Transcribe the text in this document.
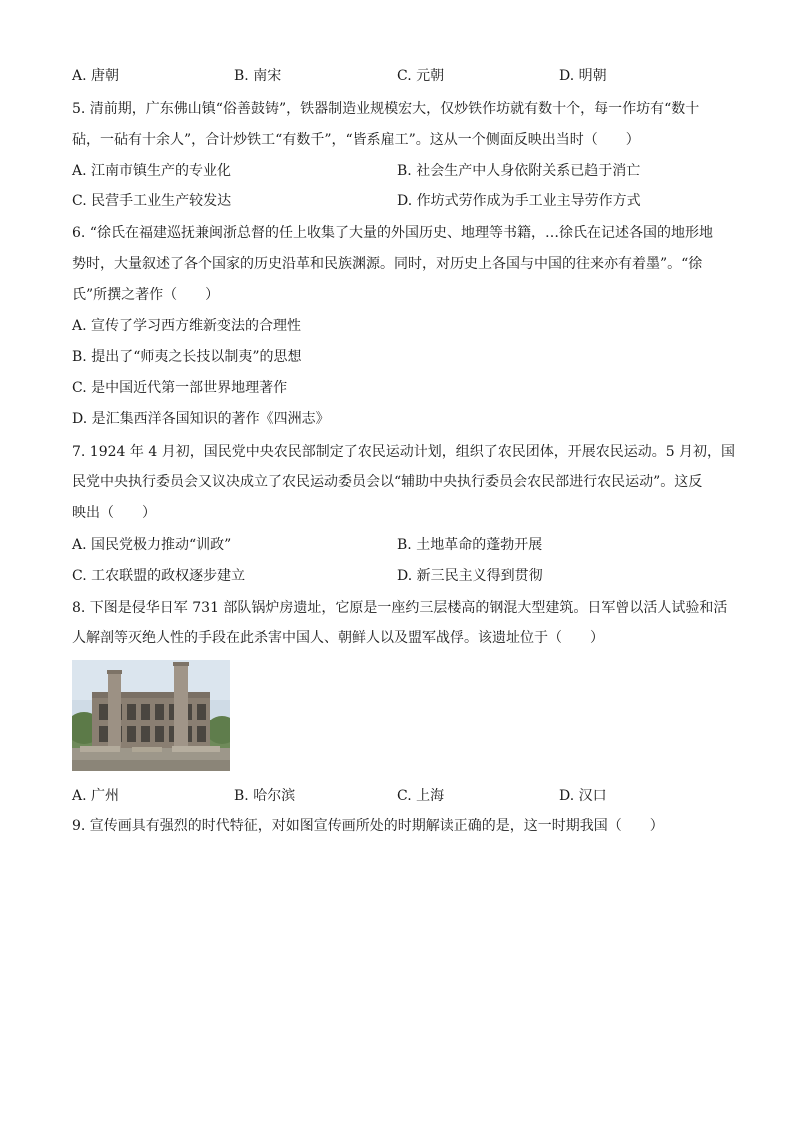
A. 唐朝	B. 南宋	C. 元朝	D. 明朝
5. 清前期，广东佛山镇“俗善鼓铸”，铁器制造业规模宏大，仅炒铁作坊就有数十个，每一作坊有“数十
砧，一砧有十余人”，合计炒铁工“有数千”，“皆系雇工”。这从一个侧面反映出当时（　　）
A. 江南市镇生产的专业化	B. 社会生产中人身依附关系已趋于消亡
C. 民营手工业生产较发达	D. 作坊式劳作成为手工业主导劳作方式
6. “徐氏在福建巡抚兼闽浙总督的任上收集了大量的外国历史、地理等书籍，…徐氏在记述各国的地形地
势时，大量叙述了各个国家的历史沿革和民族渊源。同时，对历史上各国与中国的往来亦有着墨”。“徐
氏”所撰之著作（　　）
A. 宣传了学习西方维新变法的合理性
B. 提出了“师夷之长技以制夷”的思想
C. 是中国近代第一部世界地理著作
D. 是汇集西洋各国知识的著作《四洲志》
7. 1924 年 4 月初，国民党中央农民部制定了农民运动计划，组织了农民团体，开展农民运动。5 月初，国
民党中央执行委员会又议决成立了农民运动委员会以“辅助中央执行委员会农民部进行农民运动”。这反
映出（　　）
A. 国民党极力推动“训政”	B. 土地革命的蓬勃开展
C. 工农联盟的政权逐步建立	D. 新三民主义得到贯彻
8. 下图是侵华日军 731 部队锅炉房遗址，它原是一座约三层楼高的钢混大型建筑。日军曾以活人试验和活
人解剖等灭绝人性的手段在此杀害中国人、朝鲜人以及盟军战俘。该遗址位于（　　）
A. 广州	B. 哈尔滨	C. 上海	D. 汉口
9. 宣传画具有强烈的时代特征，对如图宣传画所处的时期解读正确的是，这一时期我国（　　）
